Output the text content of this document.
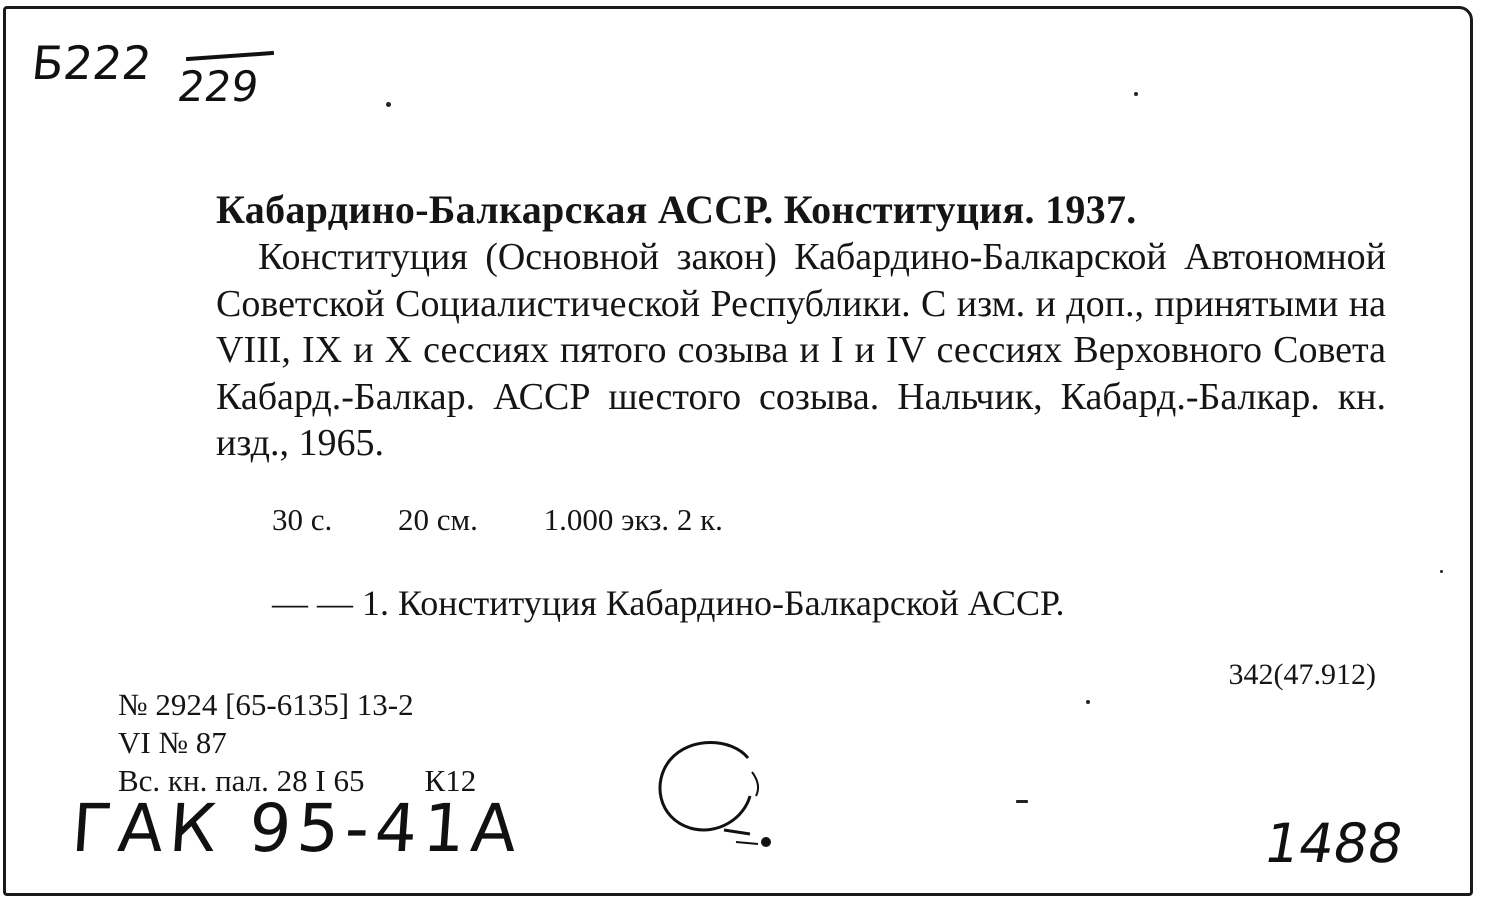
Б222 229
Кабардино-Балкарская АССР. Конституция. 1937.
Конституция (Основной закон) Кабардино-Балкарской Автономной Советской Социалистической Республики. С изм. и доп., принятыми на VIII, IX и X сессиях пятого созыва и I и IV сессиях Верховного Совета Кабард.-Балкар. АССР шестого созыва. Нальчик, Кабард.-Балкар. кн. изд., 1965.
30 с. 20 см. 1.000 экз. 2 к.
— — 1. Конституция Кабардино-Балкарской АССР.
342(47.912)
№ 2924 [65-6135] 13-2
VI № 87
Вс. кн. пал. 28 I 65 К12
ГАК 95-41А	1488
